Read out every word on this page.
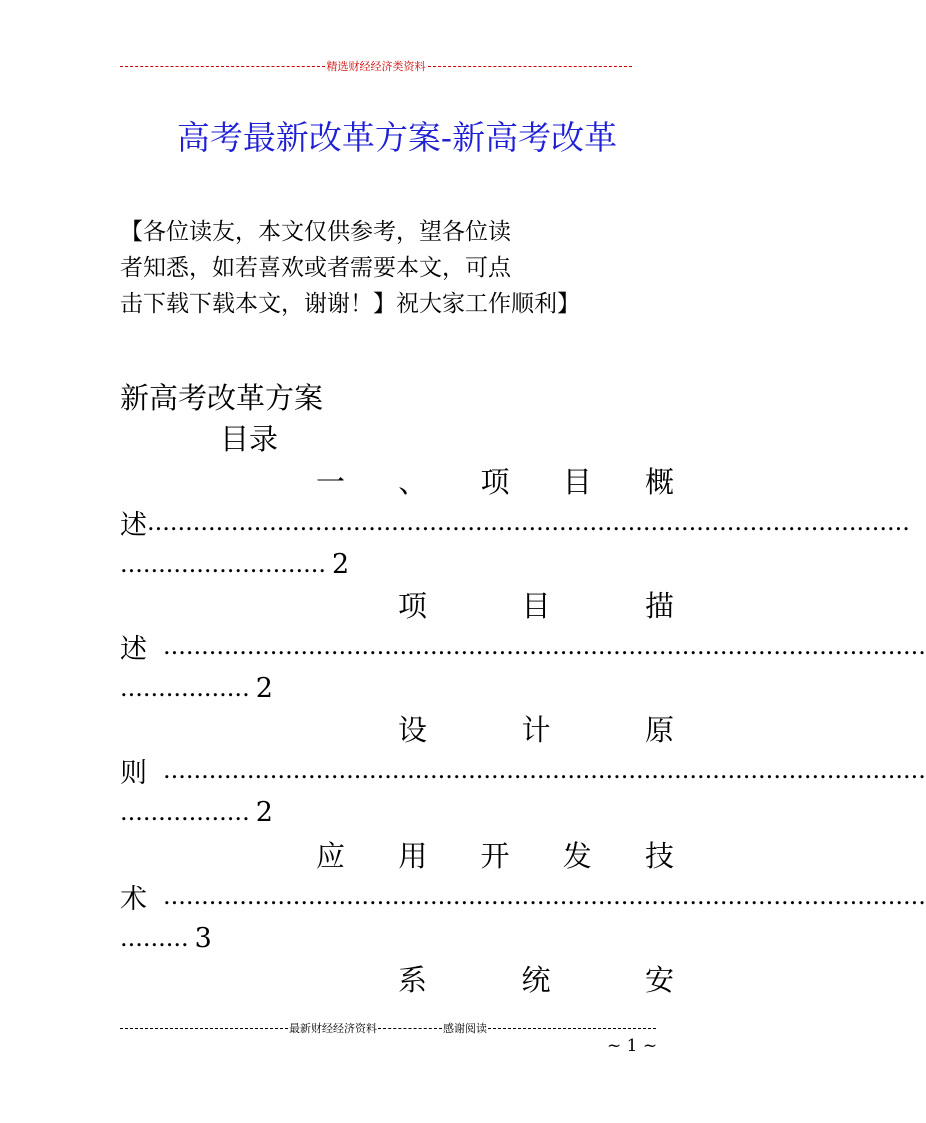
精选财经经济类资料
高考最新改革方案-新高考改革
【各位读友，本文仅供参考，望各位读
者知悉，如若喜欢或者需要本文，可点
击下载下载本文，谢谢！】祝大家工作顺利】
新高考改革方案
目录
一 、 项 目 概
述 ....................................................................................................
........................... 2
项	目	描
述 ....................................................................................................
................. 2
设	计	原
则 ....................................................................................................
................. 2
应 用 开 发 技
术 ....................................................................................................
......... 3
系	统	安
最新财经经济资料	感谢阅读
~ 1 ~
